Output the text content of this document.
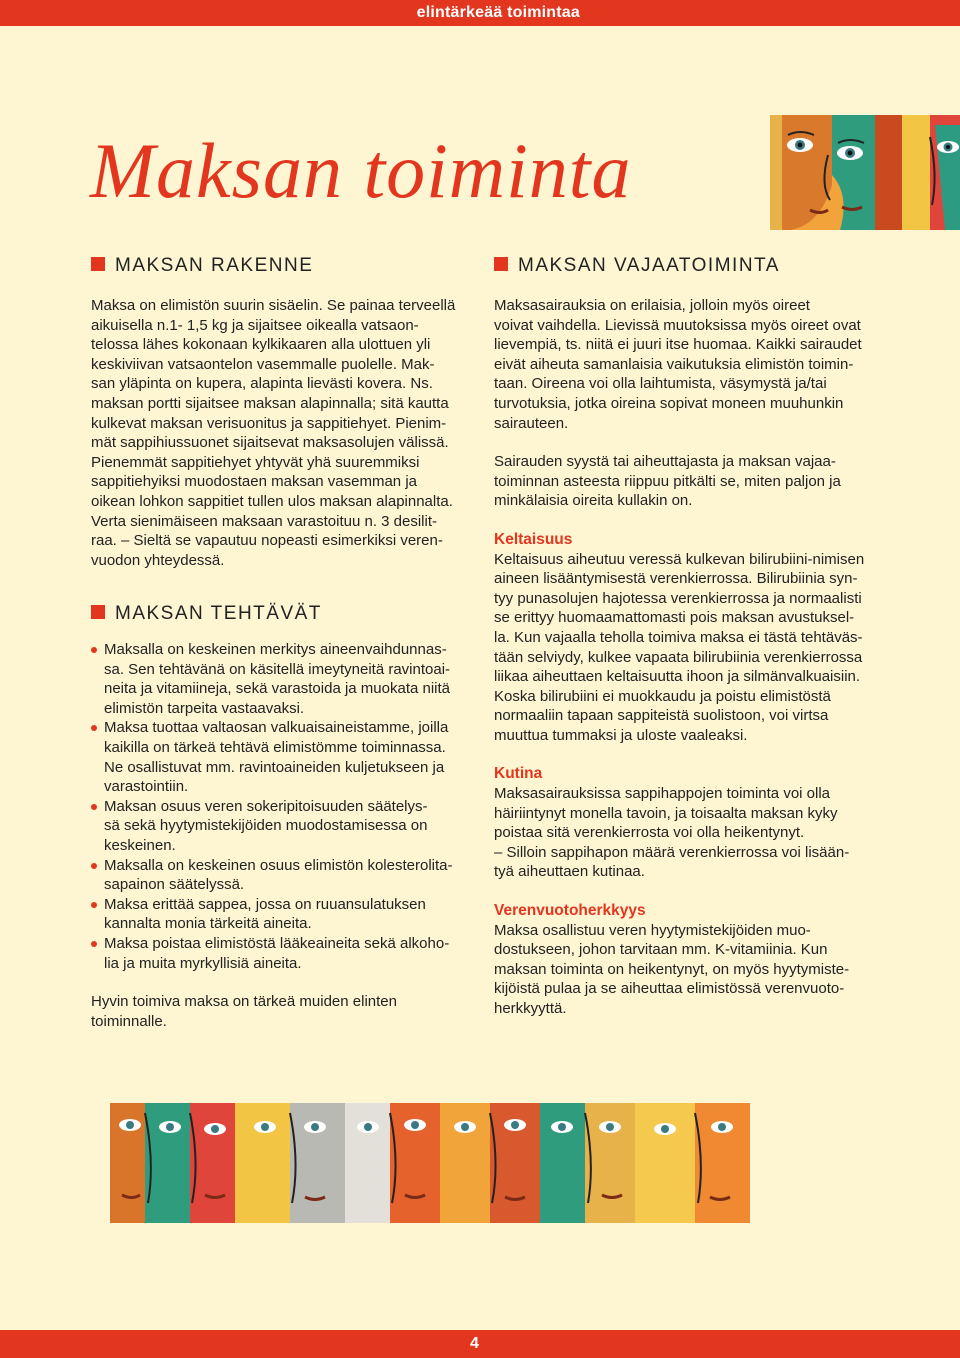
elintärkeää toimintaa
Maksan toiminta
MAKSAN RAKENNE

Maksa on elimistön suurin sisäelin. Se painaa terveellä
aikuisella n.1- 1,5 kg ja sijaitsee oikealla vatsaon-
telossa lähes kokonaan kylkikaaren alla ulottuen yli
keskiviivan vatsaontelon vasemmalle puolelle. Mak-
san yläpinta on kupera, alapinta lievästi kovera. Ns.
maksan portti sijaitsee maksan alapinnalla; sitä kautta
kulkevat maksan verisuonitus ja sappitiehyet. Pienim-
mät sappihiussuonet sijaitsevat maksasolujen välissä.
Pienemmät sappitiehyet yhtyvät yhä suuremmiksi
sappitiehyiksi muodostaen maksan vasemman ja
oikean lohkon sappitiet tullen ulos maksan alapinnalta.
Verta sienimäiseen maksaan varastoituu n. 3 desilit-
raa. – Sieltä se vapautuu nopeasti esimerkiksi veren-
vuodon yhteydessä.

MAKSAN TEHTÄVÄT
Maksalla on keskeinen merkitys aineenvaihdunnas-
sa. Sen tehtävänä on käsitellä imeytyneitä ravintoai-
neita ja vitamiineja, sekä varastoida ja muokata niitä
elimistön tarpeita vastaavaksi.
Maksa tuottaa valtaosan valkuaisaineistamme, joilla
kaikilla on tärkeä tehtävä elimistömme toiminnassa.
Ne osallistuvat mm. ravintoaineiden kuljetukseen ja
varastointiin.
Maksan osuus veren sokeripitoisuuden säätelys-
sä sekä hyytymistekijöiden muodostamisessa on
keskeinen.
Maksalla on keskeinen osuus elimistön kolesterolita-
sapainon säätelyssä.
Maksa erittää sappea, jossa on ruuansulatuksen
kannalta monia tärkeitä aineita.
Maksa poistaa elimistöstä lääkeaineita sekä alkoho-
lia ja muita myrkyllisiä aineita.

Hyvin toimiva maksa on tärkeä muiden elinten
toiminnalle.

MAKSAN VAJAATOIMINTA

Maksasairauksia on erilaisia, jolloin myös oireet
voivat vaihdella. Lievissä muutoksissa myös oireet ovat
lievempiä, ts. niitä ei juuri itse huomaa. Kaikki sairaudet
eivät aiheuta samanlaisia vaikutuksia elimistön toimin-
taan. Oireena voi olla laihtumista, väsymystä ja/tai
turvotuksia, jotka oireina sopivat moneen muuhunkin
sairauteen.

Sairauden syystä tai aiheuttajasta ja maksan vajaa-
toiminnan asteesta riippuu pitkälti se, miten paljon ja
minkälaisia oireita kullakin on.

Keltaisuus

Keltaisuus aiheutuu veressä kulkevan bilirubiini-nimisen
aineen lisääntymisestä verenkierrossa. Bilirubiinia syn-
tyy punasolujen hajotessa verenkierrossa ja normaalisti
se erittyy huomaamattomasti pois maksan avustuksel-
la. Kun vajaalla teholla toimiva maksa ei tästä tehtäväs-
tään selviydy, kulkee vapaata bilirubiinia verenkierrossa
liikaa aiheuttaen keltaisuutta ihoon ja silmänvalkuaisiin.
Koska bilirubiini ei muokkaudu ja poistu elimistöstä
normaaliin tapaan sappiteistä suolistoon, voi virtsa
muuttua tummaksi ja uloste vaaleaksi.

Kutina

Maksasairauksissa sappihappojen toiminta voi olla
häiriintynyt monella tavoin, ja toisaalta maksan kyky
poistaa sitä verenkierrosta voi olla heikentynyt.
– Silloin sappihapon määrä verenkierrossa voi lisään-
tyä aiheuttaen kutinaa.

Verenvuotoherkkyys

Maksa osallistuu veren hyytymistekijöiden muo-
dostukseen, johon tarvitaan mm. K-vitamiinia. Kun
maksan toiminta on heikentynyt, on myös hyytymiste-
kijöistä pulaa ja se aiheuttaa elimistössä verenvuoto-
herkkyyttä.

4
